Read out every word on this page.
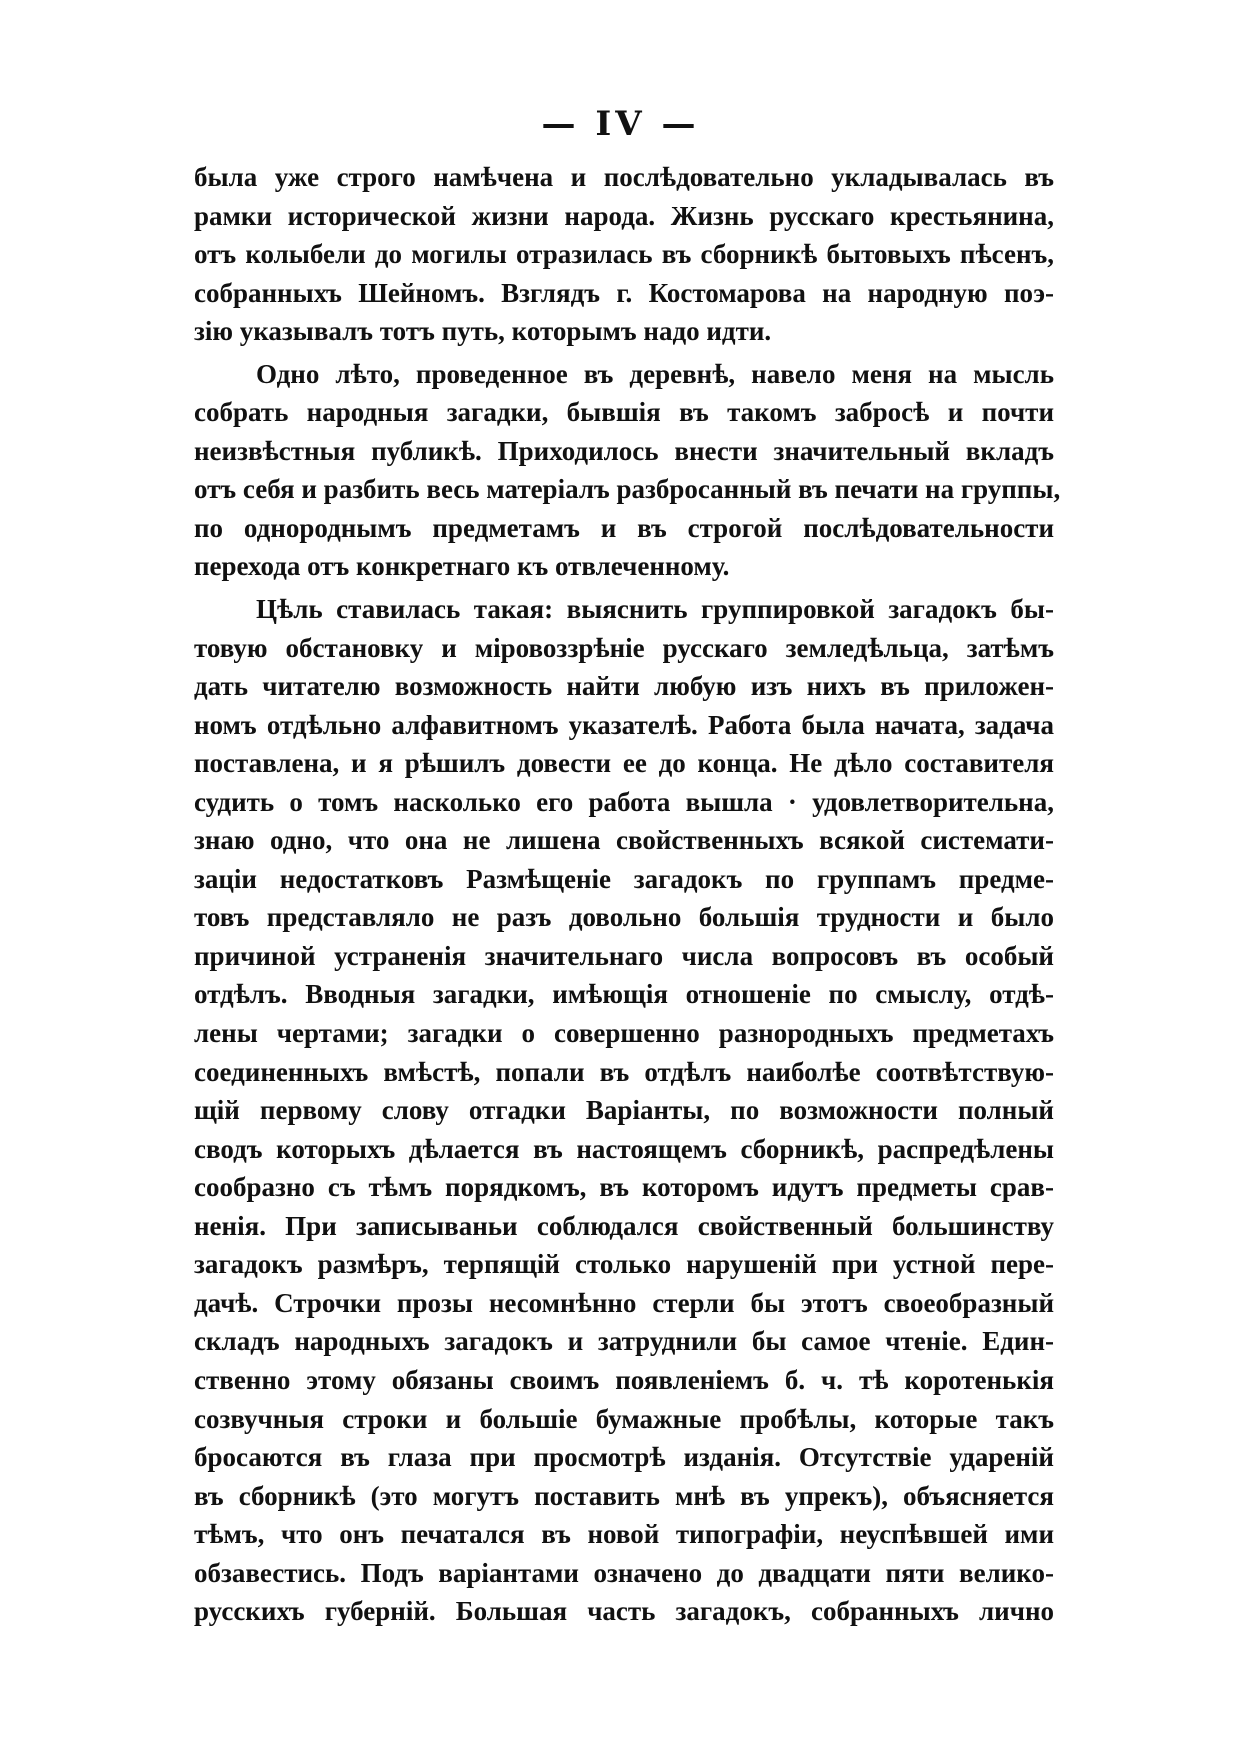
— IV —
была уже строго намѣчена и послѣдовательно укладывалась въ
рамки исторической жизни народа. Жизнь русскаго крестьянина,
отъ колыбели до могилы отразилась въ сборникѣ бытовыхъ пѣсенъ,
собранныхъ Шейномъ. Взглядъ г. Костомарова на народную поэ-
зію указывалъ тотъ путь, которымъ надо идти.
Одно лѣто, проведенное въ деревнѣ, навело меня на мысль
собрать народныя загадки, бывшія въ такомъ забросѣ и почти
неизвѣстныя публикѣ. Приходилось внести значительный вкладъ
отъ себя и разбить весь матеріалъ разбросанный въ печати на группы,
по однороднымъ предметамъ и въ строгой послѣдовательности
перехода отъ конкретнаго къ отвлеченному.
Цѣль ставилась такая: выяснить группировкой загадокъ бы-
товую обстановку и міровоззрѣніе русскаго земледѣльца, затѣмъ
дать читателю возможность найти любую изъ нихъ въ приложен-
номъ отдѣльно алфавитномъ указателѣ. Работа была начата, задача
поставлена, и я рѣшилъ довести ее до конца. Не дѣло составителя
судить о томъ насколько его работа вышла · удовлетворительна,
знаю одно, что она не лишена свойственныхъ всякой системати-
заціи недостатковъ Размѣщеніе загадокъ по группамъ предме-
товъ представляло не разъ довольно большія трудности и было
причиной устраненія значительнаго числа вопросовъ въ особый
отдѣлъ. Вводныя загадки, имѣющія отношеніе по смыслу, отдѣ-
лены чертами; загадки о совершенно разнородныхъ предметахъ
соединенныхъ вмѣстѣ, попали въ отдѣлъ наиболѣе соотвѣтствую-
щій первому слову отгадки Варіанты, по возможности полный
сводъ которыхъ дѣлается въ настоящемъ сборникѣ, распредѣлены
сообразно съ тѣмъ порядкомъ, въ которомъ идутъ предметы срав-
ненія. При записываньи соблюдался свойственный большинству
загадокъ размѣръ, терпящій столько нарушеній при устной пере-
дачѣ. Строчки прозы несомнѣнно стерли бы этотъ своеобразный
складъ народныхъ загадокъ и затруднили бы самое чтеніе. Един-
ственно этому обязаны своимъ появленіемъ б. ч. тѣ коротенькія
созвучныя строки и большіе бумажные пробѣлы, которые такъ
бросаются въ глаза при просмотрѣ изданія. Отсутствіе удареній
въ сборникѣ (это могутъ поставить мнѣ въ упрекъ), объясняется
тѣмъ, что онъ печатался въ новой типографіи, неуспѣвшей ими
обзавестись. Подъ варіантами означено до двадцати пяти велико-
русскихъ губерній. Большая часть загадокъ, собранныхъ лично
